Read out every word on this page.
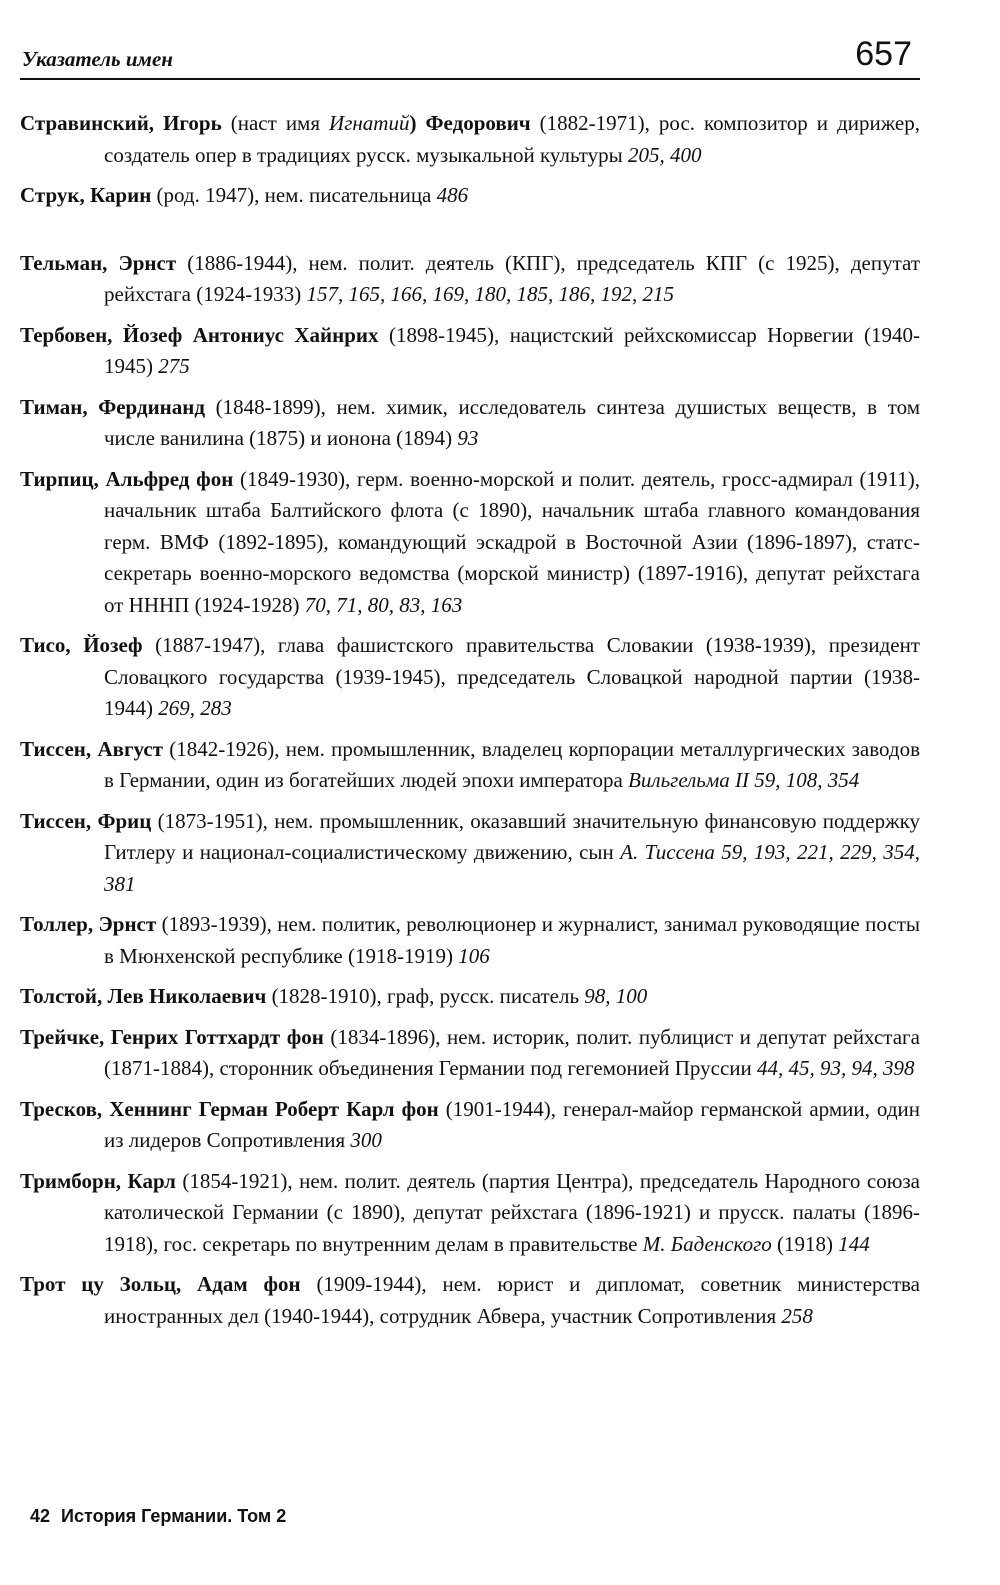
Указатель имен	657

Стравинский, Игорь (наст имя Игнатий) Федорович (1882-1971), рос. композитор и дирижер, создатель опер в традициях русск. музыкальной культуры 205, 400

Струк, Карин (род. 1947), нем. писательница 486

Тельман, Эрнст (1886-1944), нем. полит. деятель (КПГ), председатель КПГ (с 1925), депутат рейхстага (1924-1933) 157, 165, 166, 169, 180, 185, 186, 192, 215

Тербовен, Йозеф Антониус Хайнрих (1898-1945), нацистский рейхскомиссар Норвегии (1940-1945) 275

Тиман, Фердинанд (1848-1899), нем. химик, исследователь синтеза душистых веществ, в том числе ванилина (1875) и ионона (1894) 93

Тирпиц, Альфред фон (1849-1930), герм. военно-морской и полит. деятель, гросс-адмирал (1911), начальник штаба Балтийского флота (с 1890), начальник штаба главного командования герм. ВМФ (1892-1895), командующий эскадрой в Восточной Азии (1896-1897), статс-секретарь военно-морского ведомства (морской министр) (1897-1916), депутат рейхстага от НННП (1924-1928) 70, 71, 80, 83, 163

Тисо, Йозеф (1887-1947), глава фашистского правительства Словакии (1938-1939), президент Словацкого государства (1939-1945), председатель Словацкой народной партии (1938-1944) 269, 283

Тиссен, Август (1842-1926), нем. промышленник, владелец корпорации металлургических заводов в Германии, один из богатейших людей эпохи императора Вильгельма II 59, 108, 354

Тиссен, Фриц (1873-1951), нем. промышленник, оказавший значительную финансовую поддержку Гитлеру и национал-социалистическому движению, сын А. Тиссена 59, 193, 221, 229, 354, 381

Толлер, Эрнст (1893-1939), нем. политик, революционер и журналист, занимал руководящие посты в Мюнхенской республике (1918-1919) 106

Толстой, Лев Николаевич (1828-1910), граф, русск. писатель 98, 100

Трейчке, Генрих Готтхардт фон (1834-1896), нем. историк, полит. публицист и депутат рейхстага (1871-1884), сторонник объединения Германии под гегемонией Пруссии 44, 45, 93, 94, 398

Тресков, Хеннинг Герман Роберт Карл фон (1901-1944), генерал-майор германской армии, один из лидеров Сопротивления 300

Тримборн, Карл (1854-1921), нем. полит. деятель (партия Центра), председатель Народного союза католической Германии (с 1890), депутат рейхстага (1896-1921) и прусск. палаты (1896-1918), гос. секретарь по внутренним делам в правительстве М. Баденского (1918) 144

Трот цу Зольц, Адам фон (1909-1944), нем. юрист и дипломат, советник министерства иностранных дел (1940-1944), сотрудник Абвера, участник Сопротивления 258

42 История Германии. Том 2
